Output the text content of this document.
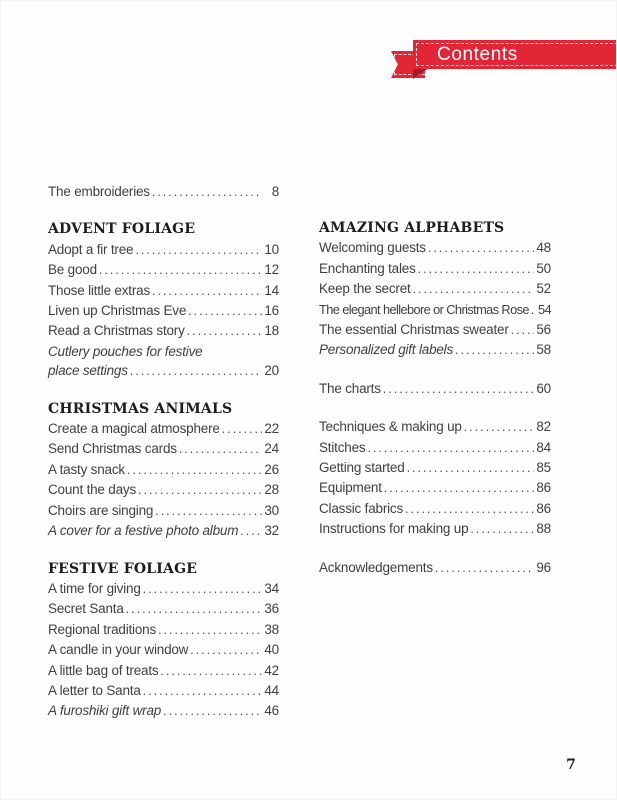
Contents
The embroideries .....	8
ADVENT FOLIAGE
Adopt a fir tree .....	10
Be good .....	12
Those little extras .....	14
Liven up Christmas Eve .....	16
Read a Christmas story .....	18
Cutlery pouches for festive
place settings .....	20
CHRISTMAS ANIMALS
Create a magical atmosphere .....	22
Send Christmas cards .....	24
A tasty snack .....	26
Count the days .....	28
Choirs are singing .....	30
A cover for a festive photo album ..... 32
FESTIVE FOLIAGE
A time for giving .....	34
Secret Santa .....	36
Regional traditions .....	38
A candle in your window .....	40
A little bag of treats .....	42
A letter to Santa .....	44
A furoshiki gift wrap .....	46
AMAZING ALPHABETS
Welcoming guests .....	48
Enchanting tales .....	50
Keep the secret .....	52
The elegant hellebore or Christmas Rose ..... 54
The essential Christmas sweater ..... 56
Personalized gift labels .....	58
The charts .....	60
Techniques & making up .....	82
Stitches .....	84
Getting started .....	85
Equipment .....	86
Classic fabrics .....	86
Instructions for making up .....	88
Acknowledgements .....	96
7
